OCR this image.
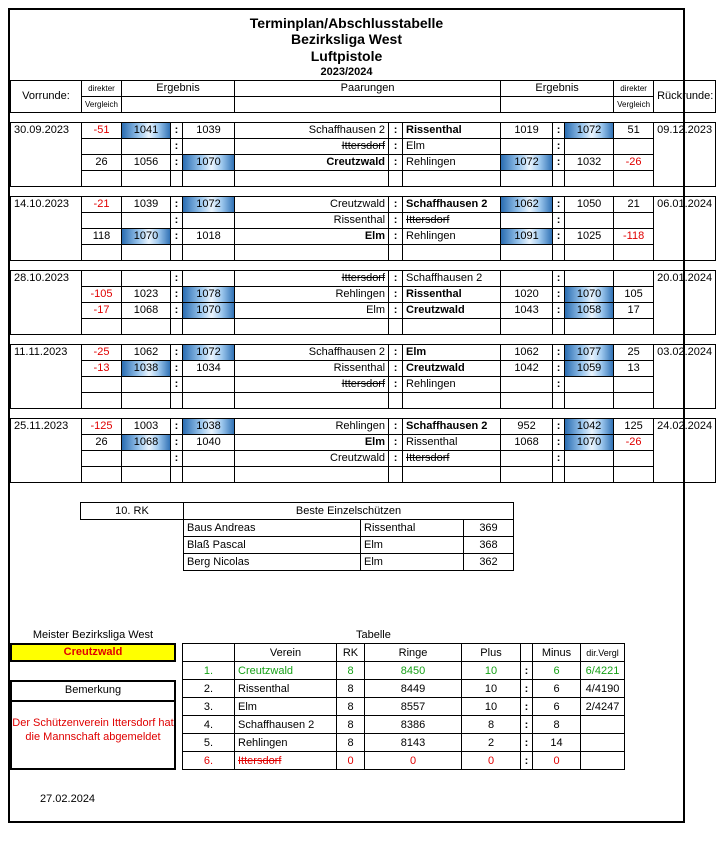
Terminplan/Abschlusstabelle
Bezirksliga West
Luftpistole
2023/2024
Vorrunde:	direkter	Ergebnis			Paarungen			Ergebnis			direkter	Rückrunde:
	Vergleich										Vergleich	

30.09.2023	-51	1041	:	1039	Schaffhausen 2	:	Rissenthal	1019	:	1072	51	09.12.2023
			:		Ittersdorf	:	Elm		:			
	26	1056	:	1070	Creutzwald	:	Rehlingen	1072	:	1032	-26	

14.10.2023	-21	1039	:	1072	Creutzwald	:	Schaffhausen 2	1062	:	1050	21	06.01.2024
			:		Rissenthal	:	Ittersdorf		:			
	118	1070	:	1018	Elm	:	Rehlingen	1091	:	1025	-118	

28.10.2023			:		Ittersdorf	:	Schaffhausen 2		:			20.01.2024
	-105	1023	:	1078	Rehlingen	:	Rissenthal	1020	:	1070	105	
	-17	1068	:	1070	Elm	:	Creutzwald	1043	:	1058	17	

11.11.2023	-25	1062	:	1072	Schaffhausen 2	:	Elm	1062	:	1077	25	03.02.2024
	-13	1038	:	1034	Rissenthal	:	Creutzwald	1042	:	1059	13	
			:		Ittersdorf	:	Rehlingen		:			

25.11.2023	-125	1003	:	1038	Rehlingen	:	Schaffhausen 2	952	:	1042	125	24.02.2024
	26	1068	:	1040	Elm	:	Rissenthal	1068	:	1070	-26	
			:		Creutzwald	:	Ittersdorf		:			

10. RK	Beste Einzelschützen		
	Baus Andreas	Rissenthal	369
	Blaß Pascal	Elm	368
	Berg Nicolas	Elm	362
Meister Bezirksliga West
Creutzwald
Bemerkung
Der Schützenverein Ittersdorf hat die Mannschaft abgemeldet
Tabelle
	Verein	RK	Ringe	Plus		Minus	dir.Vergl
1.	Creutzwald	8	8450	10	:	6	6/4221
2.	Rissenthal	8	8449	10	:	6	4/4190
3.	Elm	8	8557	10	:	6	2/4247
4.	Schaffhausen 2	8	8386	8	:	8	
5.	Rehlingen	8	8143	2	:	14	
6.	Ittersdorf	0	0	0	:	0	
27.02.2024
